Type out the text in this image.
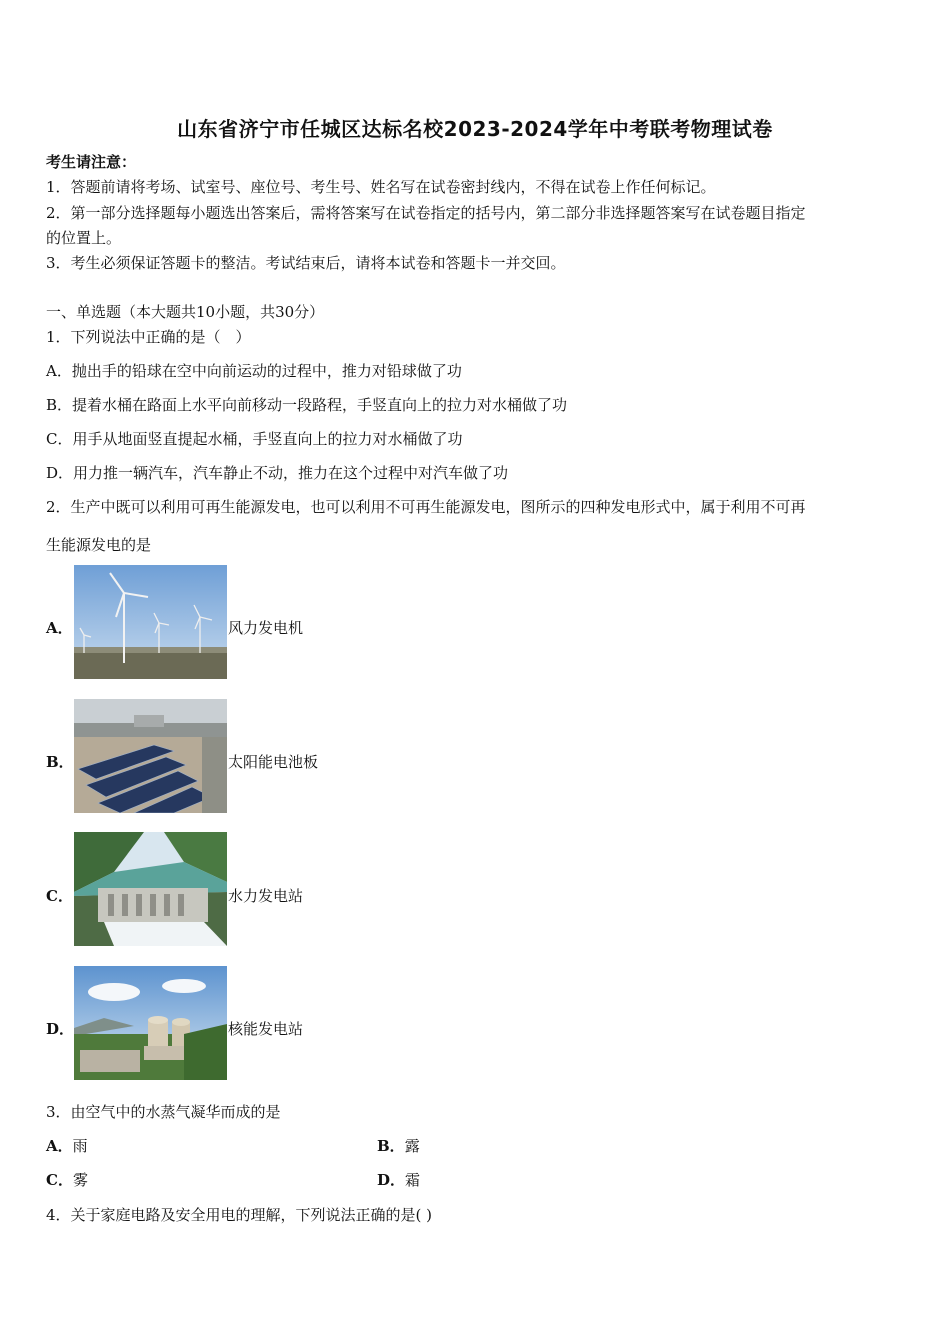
山东省济宁市任城区达标名校2023-2024学年中考联考物理试卷
考生请注意：
1．答题前请将考场、试室号、座位号、考生号、姓名写在试卷密封线内，不得在试卷上作任何标记。
2．第一部分选择题每小题选出答案后，需将答案写在试卷指定的括号内，第二部分非选择题答案写在试卷题目指定
的位置上。
3．考生必须保证答题卡的整洁。考试结束后，请将本试卷和答题卡一并交回。
一、单选题（本大题共10小题，共30分）
1．下列说法中正确的是（　）
A．抛出手的铅球在空中向前运动的过程中，推力对铅球做了功
B．提着水桶在路面上水平向前移动一段路程，手竖直向上的拉力对水桶做了功
C．用手从地面竖直提起水桶，手竖直向上的拉力对水桶做了功
D．用力推一辆汽车，汽车静止不动，推力在这个过程中对汽车做了功
2．生产中既可以利用可再生能源发电，也可以利用不可再生能源发电，图所示的四种发电形式中，属于利用不可再
生能源发电的是
A．	风力发电机
B．	太阳能电池板
C．	水力发电站
D．	核能发电站
3．由空气中的水蒸气凝华而成的是
A．雨	B．露
C．雾	D．霜
4．关于家庭电路及安全用电的理解，下列说法正确的是( )
